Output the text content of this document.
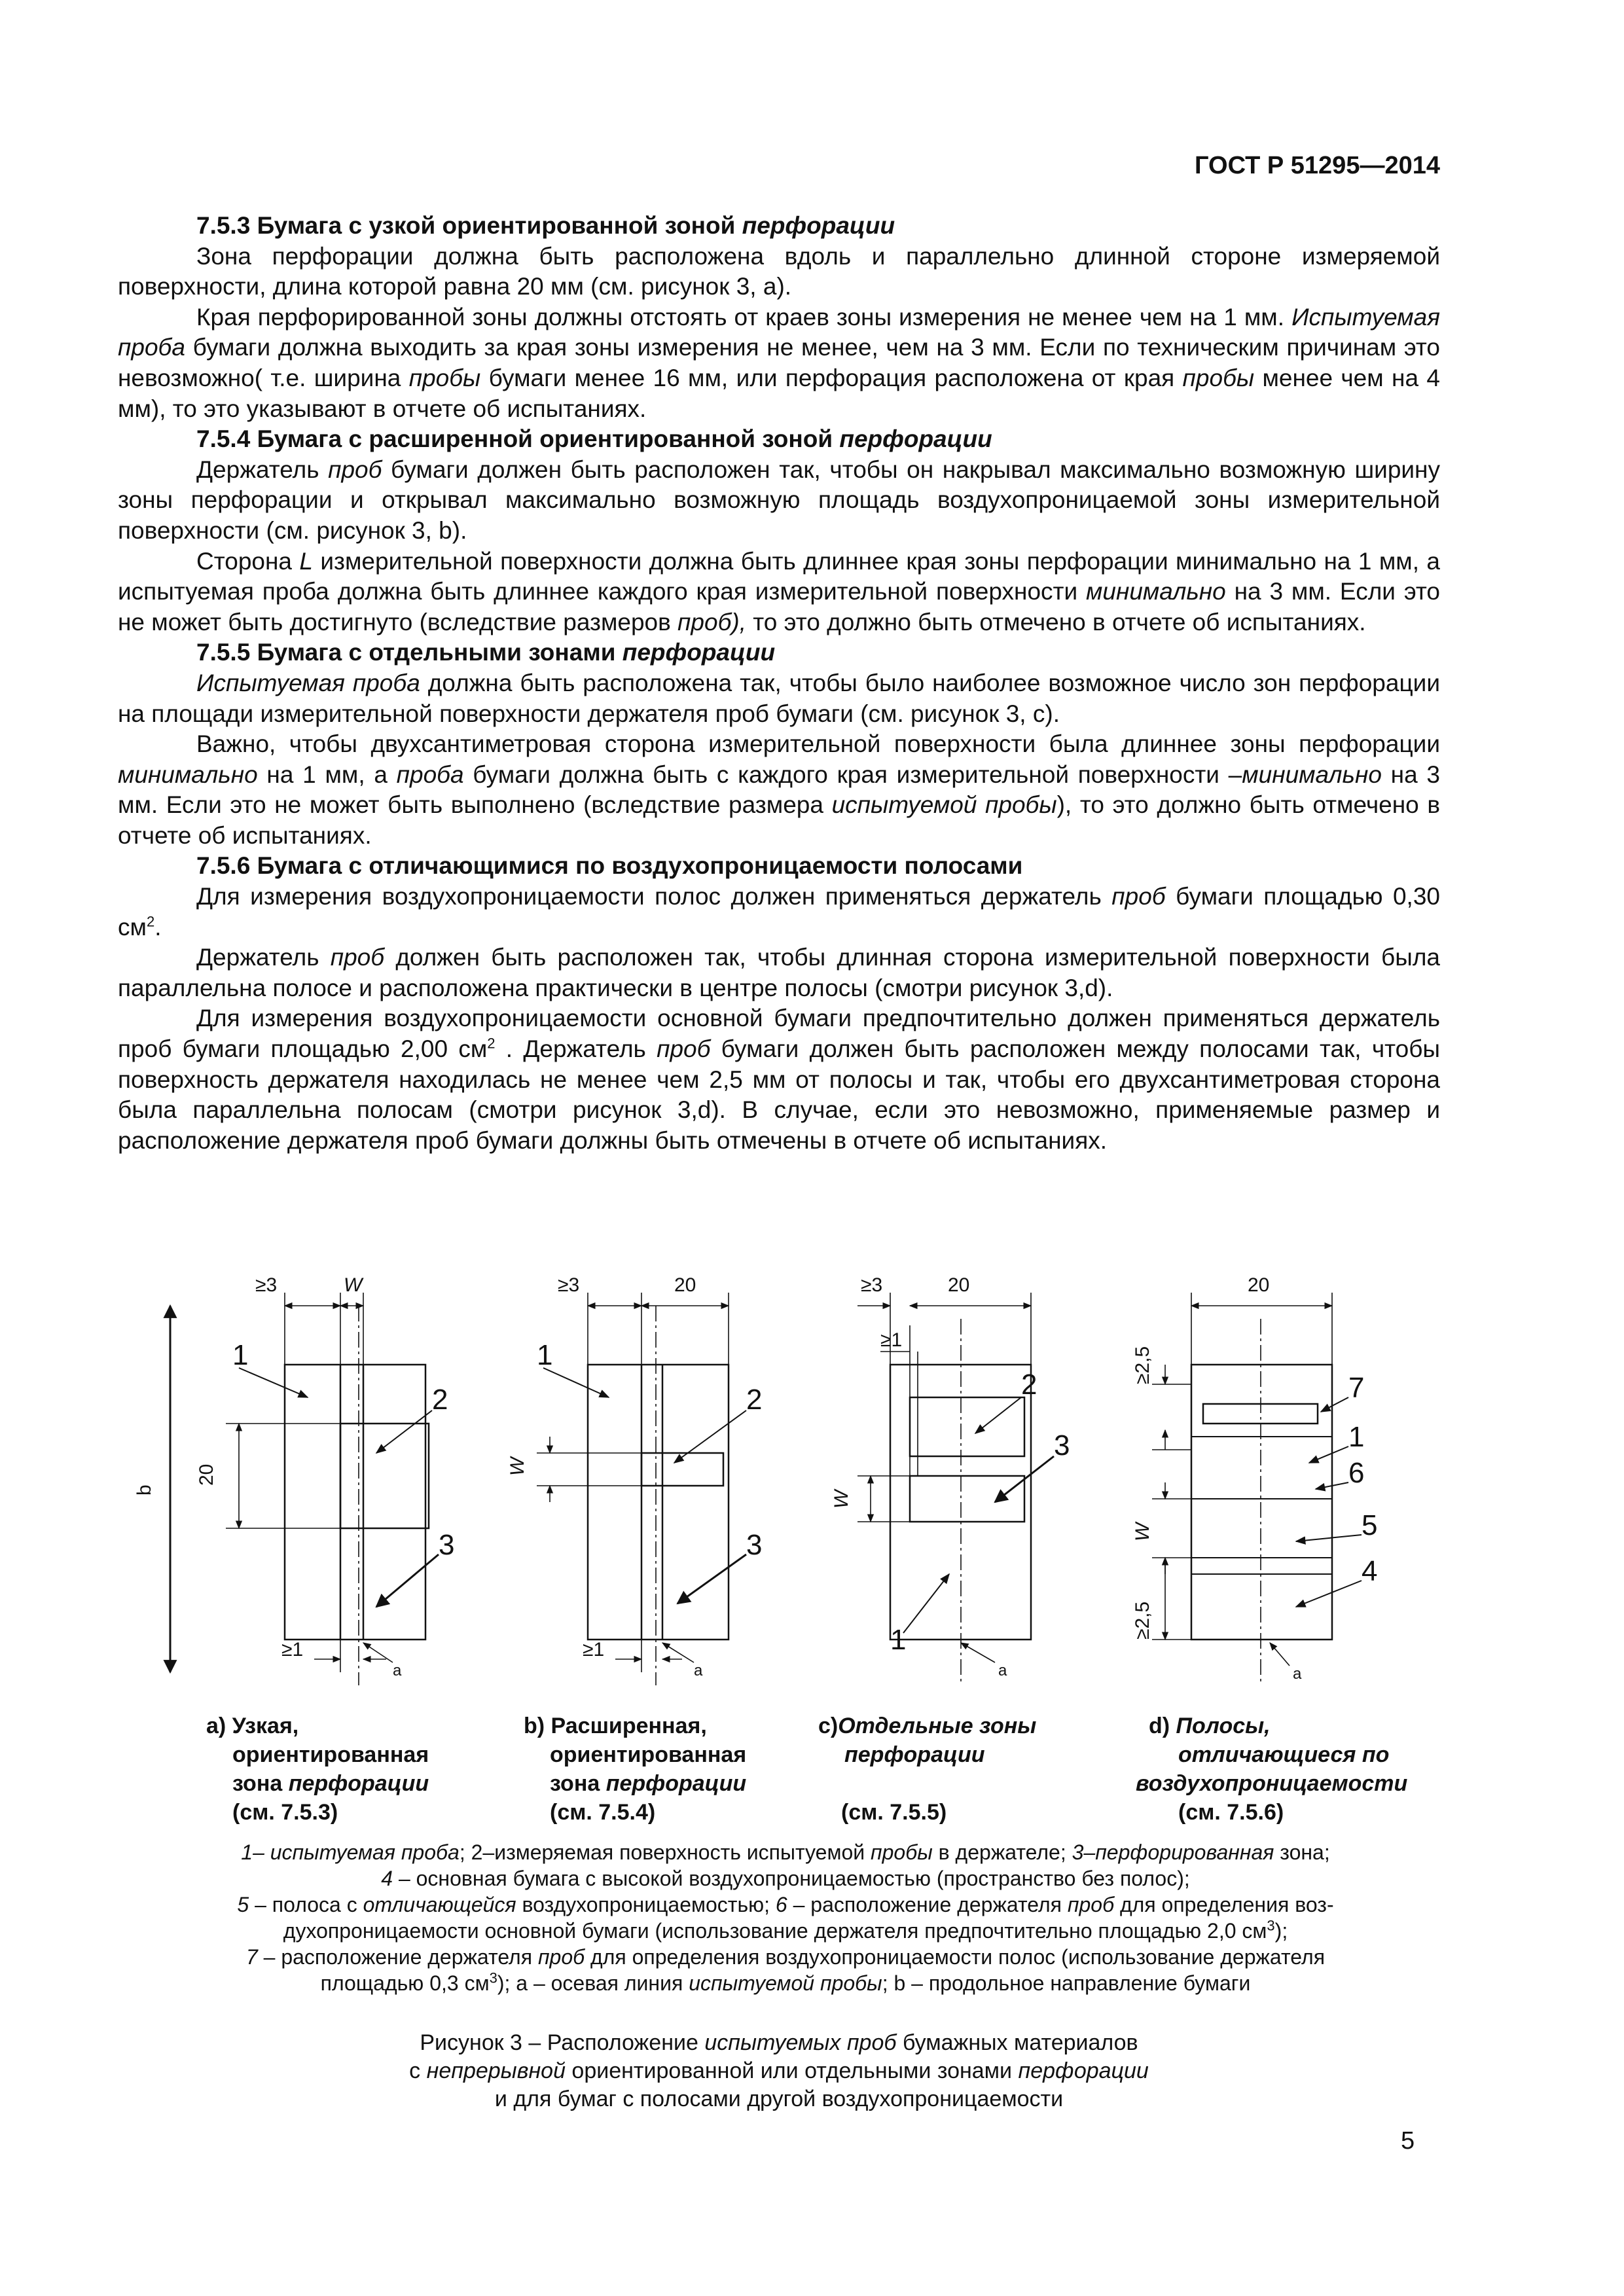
ГОСТ Р 51295—2014

7.5.3 Бумага с узкой ориентированной зоной перфорации

Зона перфорации должна быть расположена вдоль и параллельно длинной стороне измеряемой поверхности, длина которой равна 20 мм (см. рисунок 3, а).

Края перфорированной зоны должны отстоять от краев зоны измерения не менее чем на 1 мм. Испытуемая проба бумаги должна выходить за края зоны измерения не менее, чем на 3 мм. Если по техническим причинам это невозможно( т.е. ширина пробы бумаги менее 16 мм, или перфорация расположена от края пробы менее чем на 4 мм), то это указывают в отчете об испытаниях.

7.5.4 Бумага с расширенной ориентированной зоной перфорации

Держатель проб бумаги должен быть расположен так, чтобы он накрывал максимально возможную ширину зоны перфорации и открывал максимально возможную площадь воздухопроницаемой зоны измерительной поверхности (см. рисунок 3, b).

Сторона L измерительной поверхности должна быть длиннее края зоны перфорации минимально на 1 мм, а испытуемая проба должна быть длиннее каждого края измерительной поверхности минимально на 3 мм. Если это не может быть достигнуто (вследствие размеров проб), то это должно быть отмечено в отчете об испытаниях.

7.5.5 Бумага с отдельными зонами перфорации

Испытуемая проба должна быть расположена так, чтобы было наиболее возможное число зон перфорации на площади измерительной поверхности держателя проб бумаги (см. рисунок 3, с).

Важно, чтобы двухсантиметровая сторона измерительной поверхности была длиннее зоны перфорации минимально на 1 мм, а проба бумаги должна быть с каждого края измерительной поверхности –минимально на 3 мм. Если это не может быть выполнено (вследствие размера испытуемой пробы), то это должно быть отмечено в отчете об испытаниях.

7.5.6 Бумага с отличающимися по воздухопроницаемости полосами

Для измерения воздухопроницаемости полос должен применяться держатель проб бумаги площадью 0,30 $см^2$.

Держатель проб должен быть расположен так, чтобы длинная сторона измерительной поверхности была параллельна полосе и расположена практически в центре полосы (смотри рисунок 3,d).

Для измерения воздухопроницаемости основной бумаги предпочтительно должен применяться держатель проб бумаги площадью 2,00 $см^2$ . Держатель проб бумаги должен быть расположен между полосами так, чтобы поверхность держателя находилась не менее чем 2,5 мм от полосы и так, чтобы его двухсантиметровая сторона была параллельна полосам (смотри рисунок 3,d). В случае, если это невозможно, применяемые размер и расположение держателя проб бумаги должны быть отмечены в отчете об испытаниях.

≥3	W
20
b
1
2
3
≥1
a
≥3	20
W
1
2
3
≥1
a
≥3	20
≥1
W
2
3
1
a
20
≥2,5
W
≥2,5
7
1
6
5
4
a
a) Узкая,
ориентированная
зона перфорации
(см. 7.5.3)
b) Расширенная,
ориентированная
зона перфорации
(см. 7.5.4)
с)Отдельные зоны
перфорации

(см. 7.5.5)
d) Полосы,
отличающиеся по
воздухопроницаемости
(см. 7.5.6)
1– испытуемая проба; 2–измеряемая поверхность испытуемой пробы в держателе; 3–перфорированная зона;
4 – основная бумага с высокой воздухопроницаемостью (пространство без полос);
5 – полоса с отличающейся воздухопроницаемостью; 6 – расположение держателя проб для определения воз-
духопроницаемости основной бумаги (использование держателя предпочтительно площадью 2,0 $см^3$);
7 – расположение держателя проб для определения воздухопроницаемости полос (использование держателя
площадью 0,3 $см^3$); a – осевая линия испытуемой пробы; b – продольное направление бумаги
Рисунок 3 – Расположение испытуемых проб бумажных материалов
с непрерывной ориентированной или отдельными зонами перфорации
и для бумаг с полосами другой воздухопроницаемости
5
